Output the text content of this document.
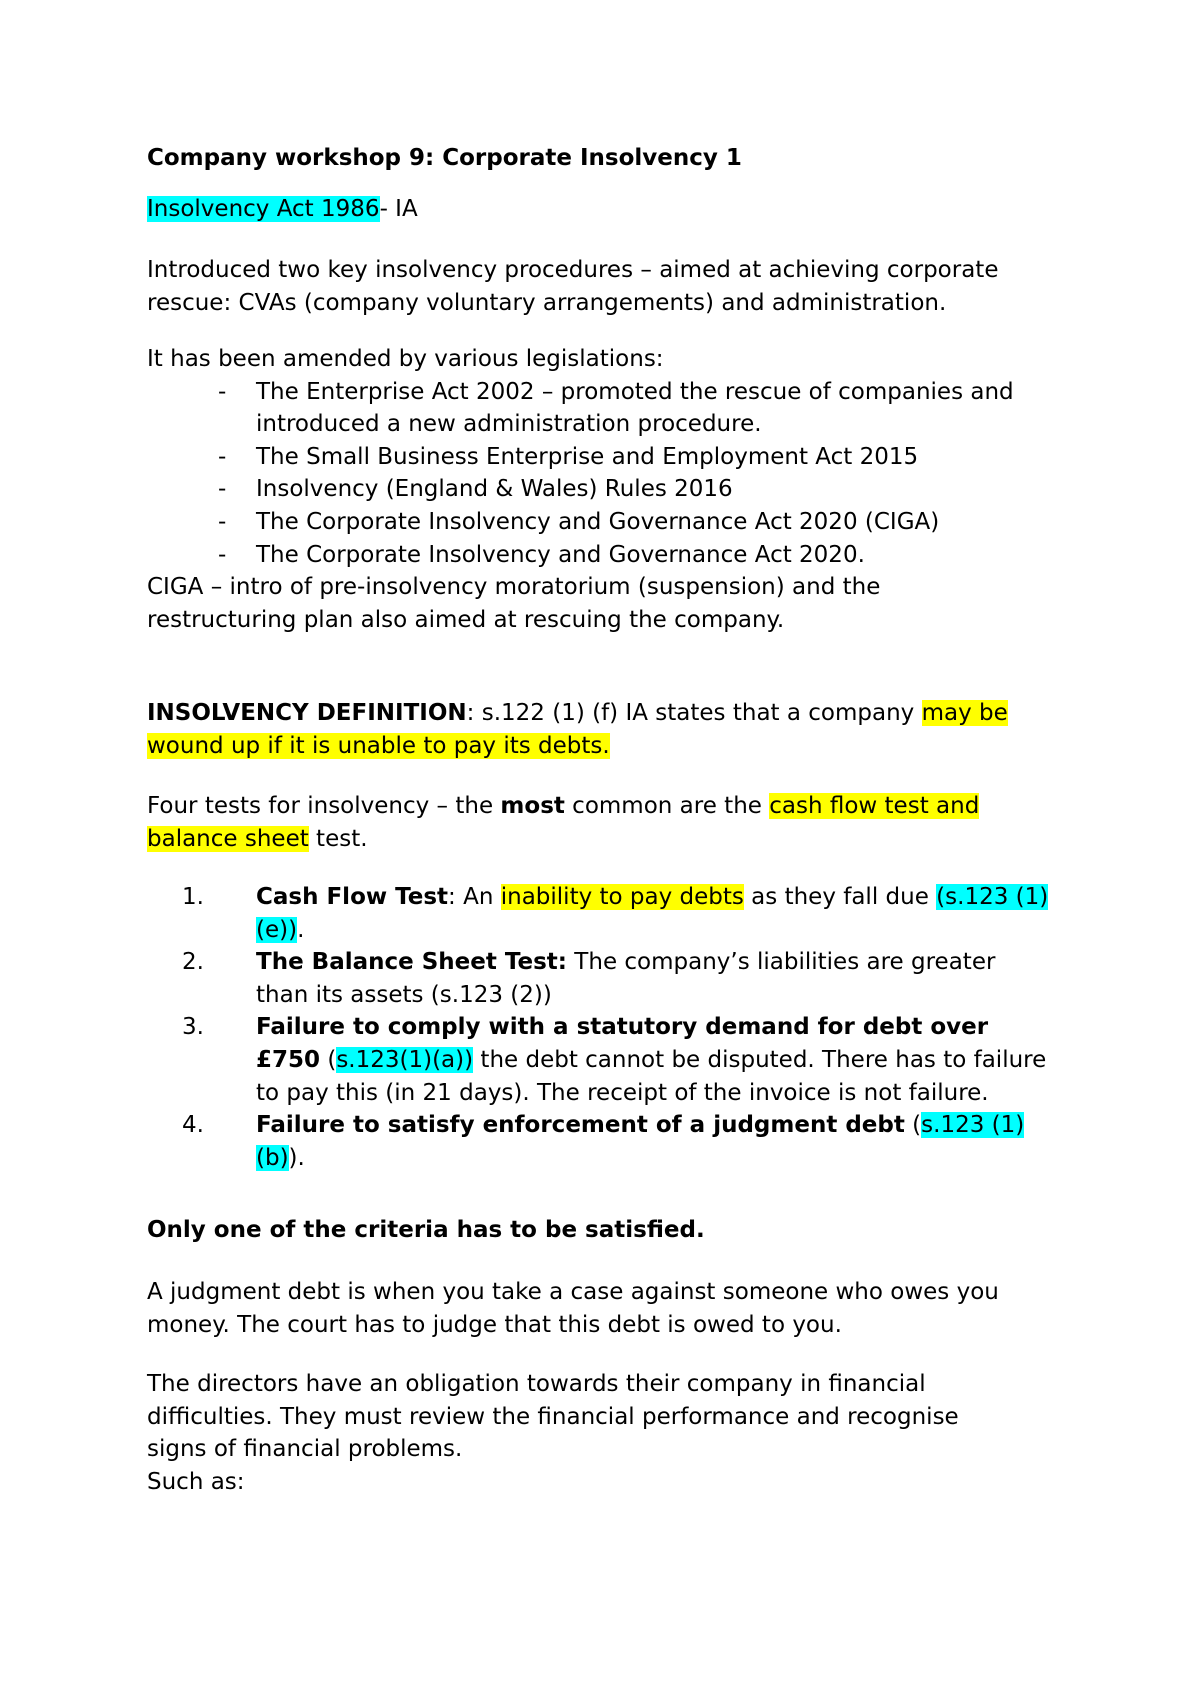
Company workshop 9: Corporate Insolvency 1

Insolvency Act 1986- IA

Introduced two key insolvency procedures – aimed at achieving corporate

rescue: CVAs (company voluntary arrangements) and administration.

It has been amended by various legislations:

- The Enterprise Act 2002 – promoted the rescue of companies and
introduced a new administration procedure.
- The Small Business Enterprise and Employment Act 2015
- Insolvency (England & Wales) Rules 2016
- The Corporate Insolvency and Governance Act 2020 (CIGA)
- The Corporate Insolvency and Governance Act 2020.

CIGA – intro of pre-insolvency moratorium (suspension) and the

restructuring plan also aimed at rescuing the company.

INSOLVENCY DEFINITION: s.122 (1) (f) IA states that a company may be

wound up if it is unable to pay its debts.

Four tests for insolvency – the most common are the cash flow test and

balance sheet test.

1. Cash Flow Test: An inability to pay debts as they fall due (s.123 (1)
(e)).
2. The Balance Sheet Test: The company’s liabilities are greater
than its assets (s.123 (2))
3. Failure to comply with a statutory demand for debt over
£750 (s.123(1)(a)) the debt cannot be disputed. There has to failure
to pay this (in 21 days). The receipt of the invoice is not failure.
4. Failure to satisfy enforcement of a judgment debt (s.123 (1)
(b)).

Only one of the criteria has to be satisfied.

A judgment debt is when you take a case against someone who owes you

money. The court has to judge that this debt is owed to you.

The directors have an obligation towards their company in financial

difficulties. They must review the financial performance and recognise

signs of financial problems.

Such as:
